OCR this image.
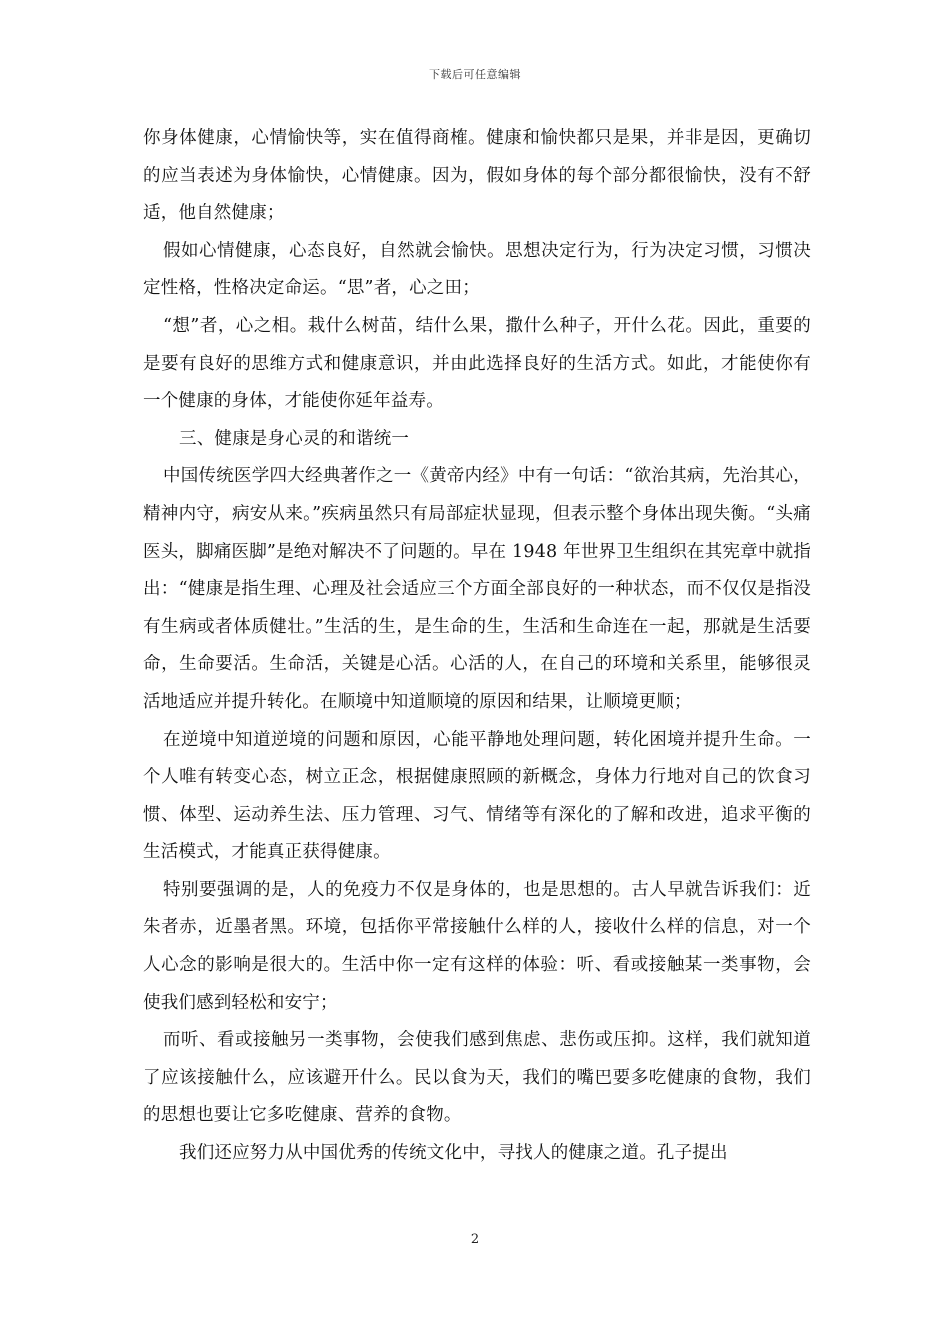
下载后可任意编辑

你身体健康，心情愉快等，实在值得商榷。健康和愉快都只是果，并非是因，更确切的应当表述为身体愉快，心情健康。因为，假如身体的每个部分都很愉快，没有不舒适，他自然健康；

假如心情健康，心态良好，自然就会愉快。思想决定行为，行为决定习惯，习惯决定性格，性格决定命运。“思”者，心之田；

“想”者，心之相。栽什么树苗，结什么果，撒什么种子，开什么花。因此，重要的是要有良好的思维方式和健康意识，并由此选择良好的生活方式。如此，才能使你有一个健康的身体，才能使你延年益寿。

三、健康是身心灵的和谐统一

中国传统医学四大经典著作之一《黄帝内经》中有一句话：“欲治其病，先治其心，精神内守，病安从来。”疾病虽然只有局部症状显现，但表示整个身体出现失衡。“头痛医头，脚痛医脚”是绝对解决不了问题的。早在 1948 年世界卫生组织在其宪章中就指出：“健康是指生理、心理及社会适应三个方面全部良好的一种状态，而不仅仅是指没有生病或者体质健壮。”生活的生，是生命的生，生活和生命连在一起，那就是生活要命，生命要活。生命活，关键是心活。心活的人，在自己的环境和关系里，能够很灵活地适应并提升转化。在顺境中知道顺境的原因和结果，让顺境更顺；

在逆境中知道逆境的问题和原因，心能平静地处理问题，转化困境并提升生命。一个人唯有转变心态，树立正念，根据健康照顾的新概念，身体力行地对自己的饮食习惯、体型、运动养生法、压力管理、习气、情绪等有深化的了解和改进，追求平衡的生活模式，才能真正获得健康。

特别要强调的是，人的免疫力不仅是身体的，也是思想的。古人早就告诉我们：近朱者赤，近墨者黑。环境，包括你平常接触什么样的人，接收什么样的信息，对一个人心念的影响是很大的。生活中你一定有这样的体验：听、看或接触某一类事物，会使我们感到轻松和安宁；

而听、看或接触另一类事物，会使我们感到焦虑、悲伤或压抑。这样，我们就知道了应该接触什么，应该避开什么。民以食为天，我们的嘴巴要多吃健康的食物，我们的思想也要让它多吃健康、营养的食物。

我们还应努力从中国优秀的传统文化中，寻找人的健康之道。孔子提出

2
